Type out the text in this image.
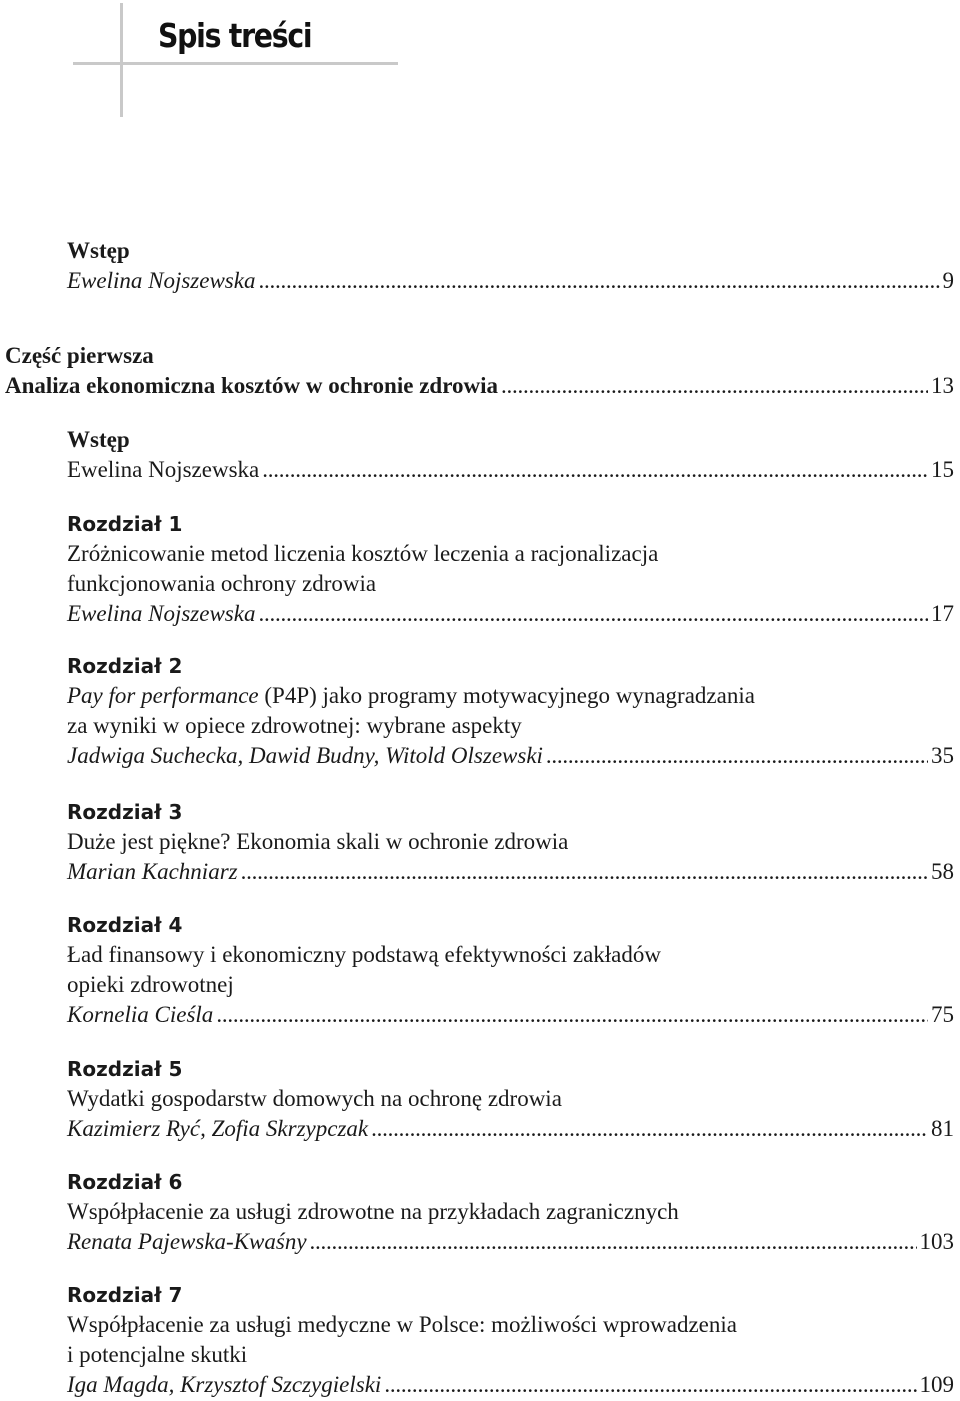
Spis treści
Wstęp
Ewelina Nojszewska . . .	9
Część pierwsza
Analiza ekonomiczna kosztów w ochronie zdrowia . . .	13
Wstęp
Ewelina Nojszewska . . .	15
Rozdział 1
Zróżnicowanie metod liczenia kosztów leczenia a racjonalizacja
funkcjonowania ochrony zdrowia
Ewelina Nojszewska . . .	17
Rozdział 2
Pay for performance (P4P) jako programy motywacyjnego wynagradzania
za wyniki w opiece zdrowotnej: wybrane aspekty
Jadwiga Suchecka, Dawid Budny, Witold Olszewski . . .	35
Rozdział 3
Duże jest piękne? Ekonomia skali w ochronie zdrowia
Marian Kachniarz . . .	58
Rozdział 4
Ład finansowy i ekonomiczny podstawą efektywności zakładów
opieki zdrowotnej
Kornelia Cieśla . . .	75
Rozdział 5
Wydatki gospodarstw domowych na ochronę zdrowia
Kazimierz Ryć, Zofia Skrzypczak . . .	81
Rozdział 6
Współpłacenie za usługi zdrowotne na przykładach zagranicznych
Renata Pajewska-Kwaśny . . .	103
Rozdział 7
Współpłacenie za usługi medyczne w Polsce: możliwości wprowadzenia
i potencjalne skutki
Iga Magda, Krzysztof Szczygielski . . .	109
